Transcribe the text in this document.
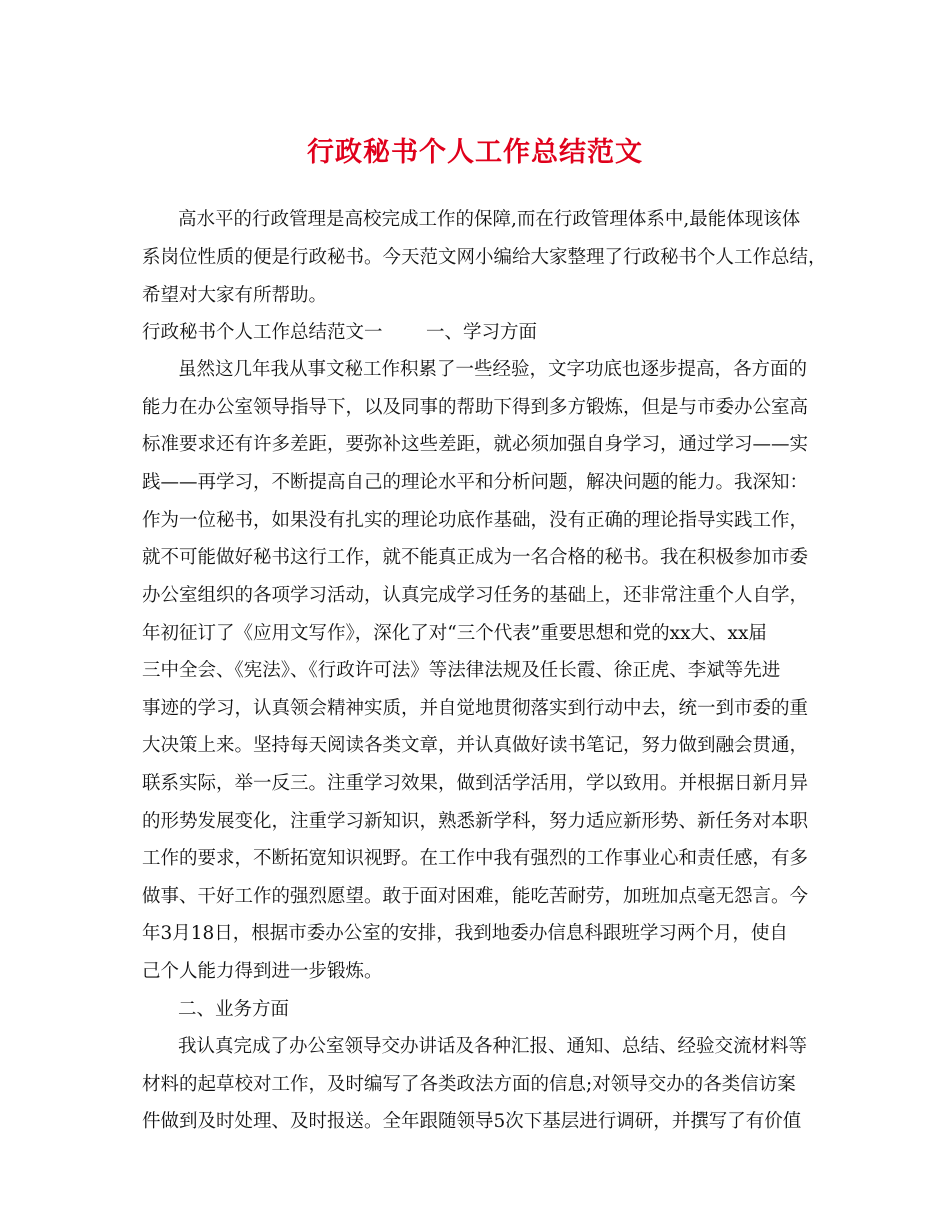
行政秘书个人工作总结范文
高水平的行政管理是高校完成工作的保障,而在行政管理体系中,最能体现该体
系岗位性质的便是行政秘书。今天范文网小编给大家整理了行政秘书个人工作总结，
希望对大家有所帮助。
行政秘书个人工作总结范文一 一、学习方面
虽然这几年我从事文秘工作积累了一些经验，文字功底也逐步提高，各方面的
能力在办公室领导指导下，以及同事的帮助下得到多方锻炼，但是与市委办公室高
标准要求还有许多差距，要弥补这些差距，就必须加强自身学习，通过学习——实
践——再学习，不断提高自己的理论水平和分析问题，解决问题的能力。我深知：
作为一位秘书，如果没有扎实的理论功底作基础，没有正确的理论指导实践工作，
就不可能做好秘书这行工作，就不能真正成为一名合格的秘书。我在积极参加市委
办公室组织的各项学习活动，认真完成学习任务的基础上，还非常注重个人自学，
年初征订了《应用文写作》，深化了对“三个代表”重要思想和党的xx大、xx届
三中全会、《宪法》、《行政许可法》等法律法规及任长霞、徐正虎、李斌等先进
事迹的学习，认真领会精神实质，并自觉地贯彻落实到行动中去，统一到市委的重
大决策上来。坚持每天阅读各类文章，并认真做好读书笔记，努力做到融会贯通，
联系实际，举一反三。注重学习效果，做到活学活用，学以致用。并根据日新月异
的形势发展变化，注重学习新知识，熟悉新学科，努力适应新形势、新任务对本职
工作的要求，不断拓宽知识视野。在工作中我有强烈的工作事业心和责任感，有多
做事、干好工作的强烈愿望。敢于面对困难，能吃苦耐劳，加班加点毫无怨言。今
年3月18日，根据市委办公室的安排，我到地委办信息科跟班学习两个月，使自
己个人能力得到进一步锻炼。
二、业务方面
我认真完成了办公室领导交办讲话及各种汇报、通知、总结、经验交流材料等
材料的起草校对工作，及时编写了各类政法方面的信息;对领导交办的各类信访案
件做到及时处理、及时报送。全年跟随领导5次下基层进行调研，并撰写了有价值
